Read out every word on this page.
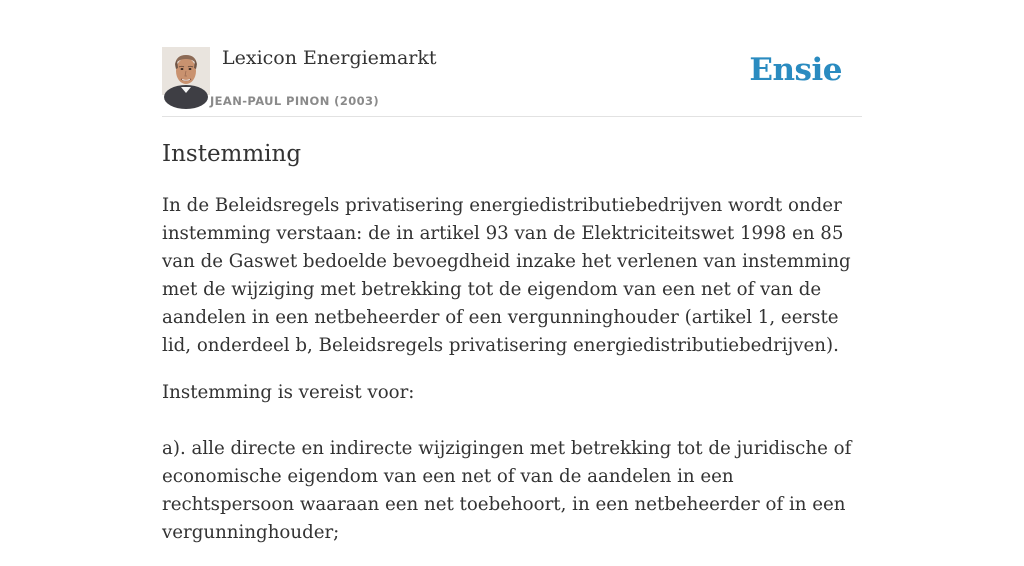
Lexicon Energiemarkt
JEAN-PAUL PINON (2003)
Ensie
Instemming

In de Beleidsregels privatisering energiedistributiebedrijven wordt onder instemming verstaan: de in artikel 93 van de Elektriciteitswet 1998 en 85 van de Gaswet bedoelde bevoegdheid inzake het verlenen van instemming met de wijziging met betrekking tot de eigendom van een net of van de aandelen in een netbeheerder of een vergunninghouder (artikel 1, eerste lid, onderdeel b, Beleidsregels privatisering energiedistributiebedrijven).

Instemming is vereist voor:

a). alle directe en indirecte wijzigingen met betrekking tot de juridische of economische eigendom van een net of van de aandelen in een rechtspersoon waaraan een net toebehoort, in een netbeheerder of in een vergunninghouder;
